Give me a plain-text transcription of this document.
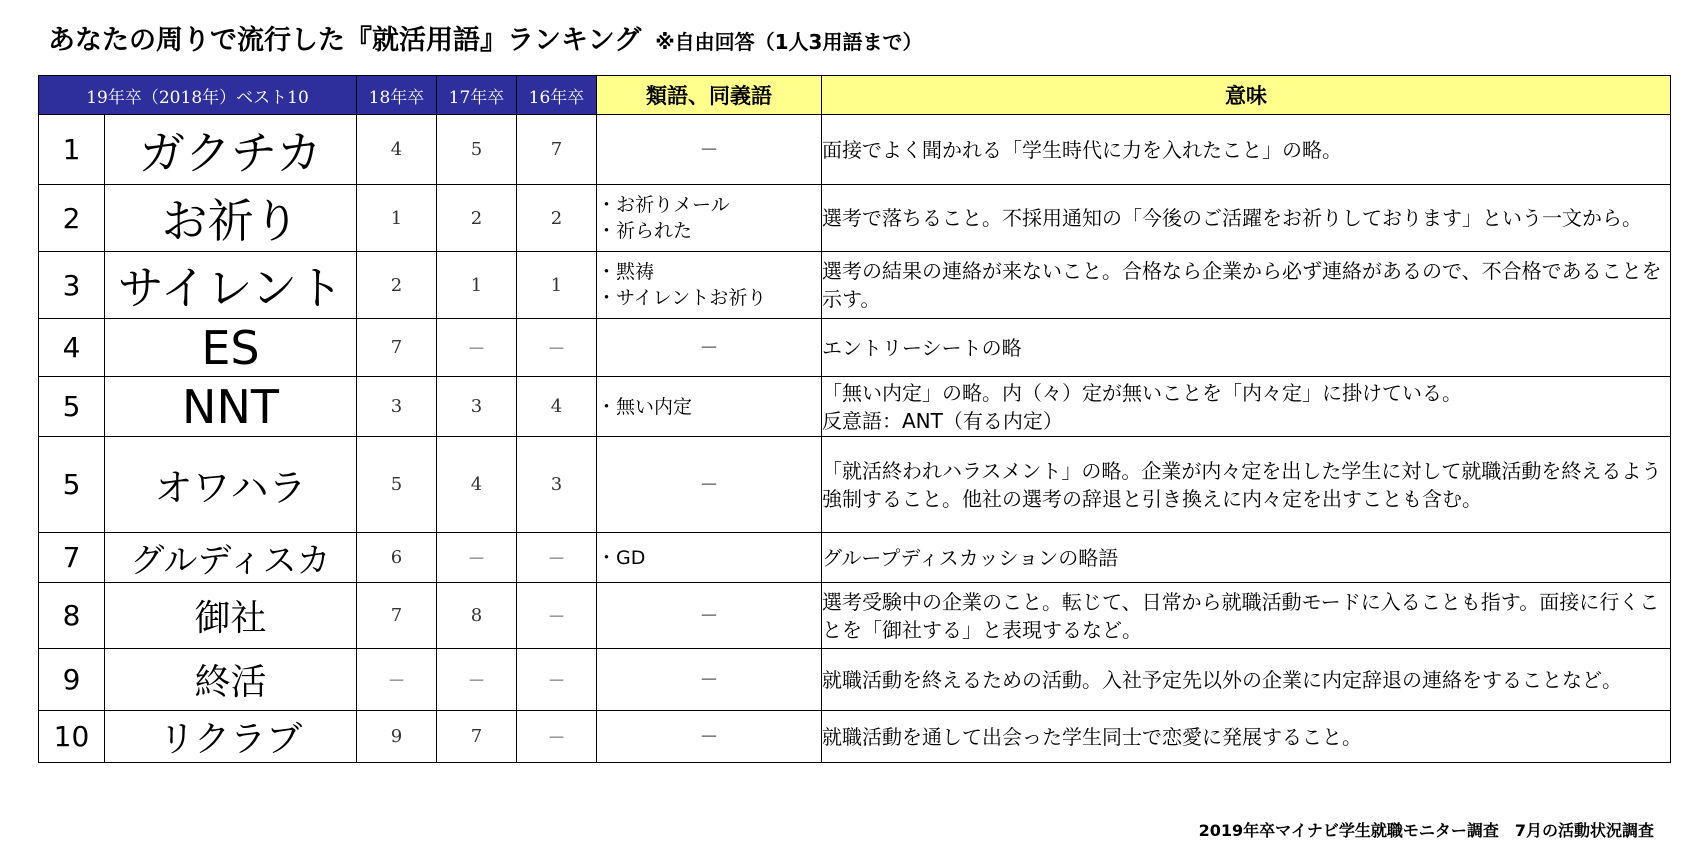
あなたの周りで流行した『就活用語』ランキング ※自由回答（1人3用語まで）
19年卒（2018年）ベスト10		18年卒	17年卒	16年卒	類語、同義語	意味
1	ガクチカ	4	5	7	－	面接でよく聞かれる「学生時代に力を入れたこと」の略。

2	お祈り	1	2	2	・お祈りメール
・祈られた	選考で落ちること。不採用通知の「今後のご活躍をお祈りしております」という一文から。

3	サイレント	2	1	1	・黙祷
・サイレントお祈り	選考の結果の連絡が来ないこと。合格なら企業から必ず連絡があるので、不合格であることを示す。

4	ES	7	－	－	－	エントリーシートの略

5	NNT	3	3	4	・無い内定	「無い内定」の略。内（々）定が無いことを「内々定」に掛けている。
反意語：ANT（有る内定）

5	オワハラ	5	4	3	－	「就活終われハラスメント」の略。企業が内々定を出した学生に対して就職活動を終えるよう強制すること。他社の選考の辞退と引き換えに内々定を出すことも含む。

7	グルディスカ	6	－	－	・GD	グループディスカッションの略語

8	御社	7	8	－	－	選考受験中の企業のこと。転じて、日常から就職活動モードに入ることも指す。面接に行くことを「御社する」と表現するなど。

9	終活	－	－	－	－	就職活動を終えるための活動。入社予定先以外の企業に内定辞退の連絡をすることなど。

10	リクラブ	9	7	－	－	就職活動を通して出会った学生同士で恋愛に発展すること。
2019年卒マイナビ学生就職モニター調査　7月の活動状況調査
